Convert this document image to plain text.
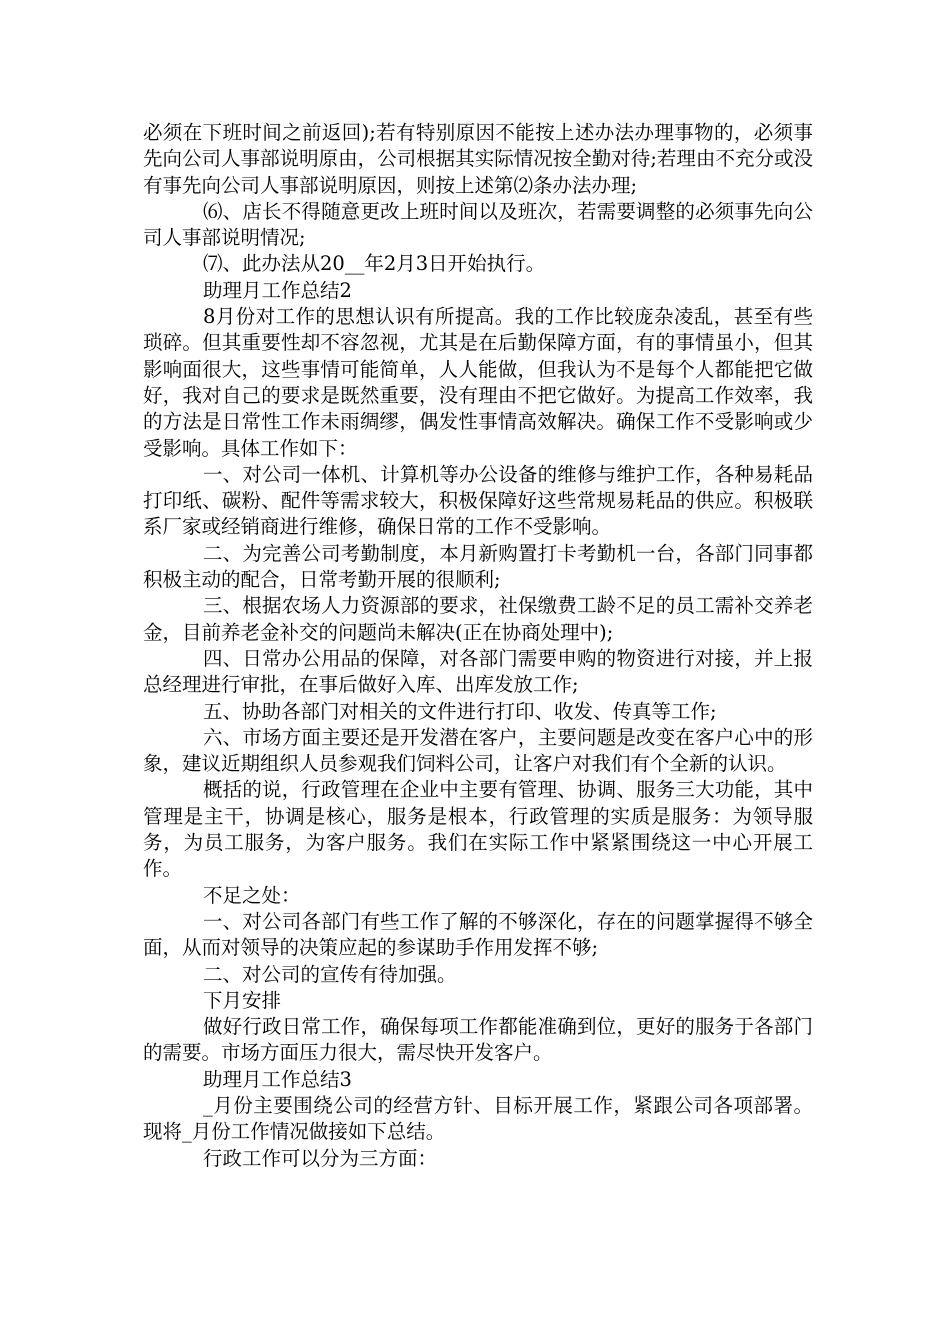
必须在下班时间之前返回);若有特别原因不能按上述办法办理事物的，必须事先向公司人事部说明原由，公司根据其实际情况按全勤对待;若理由不充分或没有事先向公司人事部说明原因，则按上述第⑵条办法办理;

⑹、店长不得随意更改上班时间以及班次，若需要调整的必须事先向公司人事部说明情况;

⑺、此办法从20__年2月3日开始执行。

助理月工作总结2

8月份对工作的思想认识有所提高。我的工作比较庞杂凌乱，甚至有些琐碎。但其重要性却不容忽视，尤其是在后勤保障方面，有的事情虽小，但其影响面很大，这些事情可能简单，人人能做，但我认为不是每个人都能把它做好，我对自己的要求是既然重要，没有理由不把它做好。为提高工作效率，我的方法是日常性工作未雨绸缪，偶发性事情高效解决。确保工作不受影响或少受影响。具体工作如下：

一、对公司一体机、计算机等办公设备的维修与维护工作，各种易耗品打印纸、碳粉、配件等需求较大，积极保障好这些常规易耗品的供应。积极联系厂家或经销商进行维修，确保日常的工作不受影响。

二、为完善公司考勤制度，本月新购置打卡考勤机一台，各部门同事都积极主动的配合，日常考勤开展的很顺利;

三、根据农场人力资源部的要求，社保缴费工龄不足的员工需补交养老金，目前养老金补交的问题尚未解决(正在协商处理中);

四、日常办公用品的保障，对各部门需要申购的物资进行对接，并上报总经理进行审批，在事后做好入库、出库发放工作;

五、协助各部门对相关的文件进行打印、收发、传真等工作;

六、市场方面主要还是开发潜在客户，主要问题是改变在客户心中的形象，建议近期组织人员参观我们饲料公司，让客户对我们有个全新的认识。

概括的说，行政管理在企业中主要有管理、协调、服务三大功能，其中管理是主干，协调是核心，服务是根本，行政管理的实质是服务：为领导服务，为员工服务，为客户服务。我们在实际工作中紧紧围绕这一中心开展工作。

不足之处：

一、对公司各部门有些工作了解的不够深化，存在的问题掌握得不够全面，从而对领导的决策应起的参谋助手作用发挥不够;

二、对公司的宣传有待加强。

下月安排

做好行政日常工作，确保每项工作都能准确到位，更好的服务于各部门的需要。市场方面压力很大，需尽快开发客户。

助理月工作总结3

_月份主要围绕公司的经营方针、目标开展工作，紧跟公司各项部署。现将_月份工作情况做接如下总结。

行政工作可以分为三方面：
